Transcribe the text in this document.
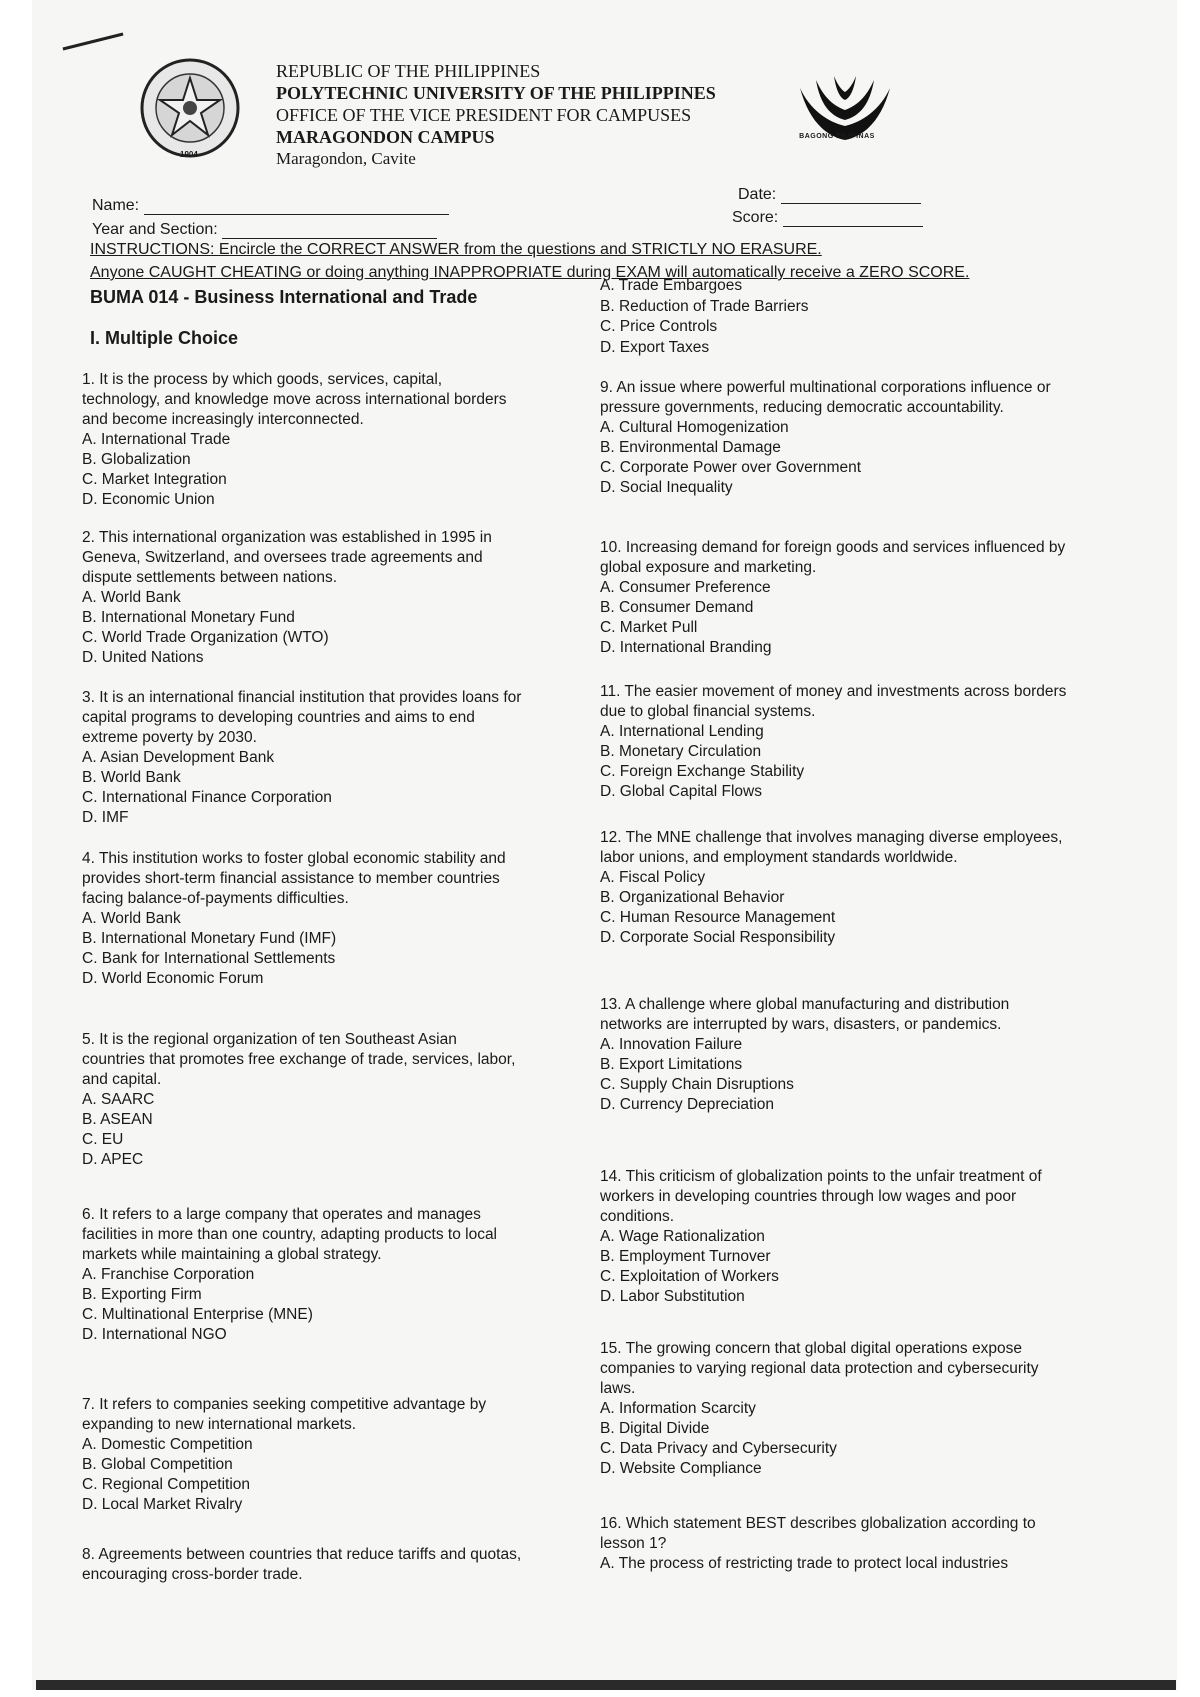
1904
REPUBLIC OF THE PHILIPPINES
POLYTECHNIC UNIVERSITY OF THE PHILIPPINES
OFFICE OF THE VICE PRESIDENT FOR CAMPUSES
MARAGONDON CAMPUS
Maragondon, Cavite
BAGONG PILIPINAS
Name:
Year and Section:
Date:
Score:
INSTRUCTIONS: Encircle the CORRECT ANSWER from the questions and STRICTLY NO ERASURE.
Anyone CAUGHT CHEATING or doing anything INAPPROPRIATE during EXAM will automatically receive a ZERO SCORE.
BUMA 014 - Business International and Trade
I. Multiple Choice
A. Trade Embargoes
B. Reduction of Trade Barriers
C. Price Controls
D. Export Taxes
1. It is the process by which goods, services, capital, technology, and knowledge move across international borders and become increasingly interconnected.
A. International Trade
B. Globalization
C. Market Integration
D. Economic Union
2. This international organization was established in 1995 in Geneva, Switzerland, and oversees trade agreements and dispute settlements between nations.
A. World Bank
B. International Monetary Fund
C. World Trade Organization (WTO)
D. United Nations
3. It is an international financial institution that provides loans for capital programs to developing countries and aims to end extreme poverty by 2030.
A. Asian Development Bank
B. World Bank
C. International Finance Corporation
D. IMF
4. This institution works to foster global economic stability and provides short-term financial assistance to member countries facing balance-of-payments difficulties.
A. World Bank
B. International Monetary Fund (IMF)
C. Bank for International Settlements
D. World Economic Forum
5. It is the regional organization of ten Southeast Asian countries that promotes free exchange of trade, services, labor, and capital.
A. SAARC
B. ASEAN
C. EU
D. APEC
6. It refers to a large company that operates and manages facilities in more than one country, adapting products to local markets while maintaining a global strategy.
A. Franchise Corporation
B. Exporting Firm
C. Multinational Enterprise (MNE)
D. International NGO
7. It refers to companies seeking competitive advantage by expanding to new international markets.
A. Domestic Competition
B. Global Competition
C. Regional Competition
D. Local Market Rivalry
8. Agreements between countries that reduce tariffs and quotas, encouraging cross-border trade.
9. An issue where powerful multinational corporations influence or pressure governments, reducing democratic accountability.
A. Cultural Homogenization
B. Environmental Damage
C. Corporate Power over Government
D. Social Inequality
10. Increasing demand for foreign goods and services influenced by global exposure and marketing.
A. Consumer Preference
B. Consumer Demand
C. Market Pull
D. International Branding
11. The easier movement of money and investments across borders due to global financial systems.
A. International Lending
B. Monetary Circulation
C. Foreign Exchange Stability
D. Global Capital Flows
12. The MNE challenge that involves managing diverse employees, labor unions, and employment standards worldwide.
A. Fiscal Policy
B. Organizational Behavior
C. Human Resource Management
D. Corporate Social Responsibility
13. A challenge where global manufacturing and distribution networks are interrupted by wars, disasters, or pandemics.
A. Innovation Failure
B. Export Limitations
C. Supply Chain Disruptions
D. Currency Depreciation
14. This criticism of globalization points to the unfair treatment of workers in developing countries through low wages and poor conditions.
A. Wage Rationalization
B. Employment Turnover
C. Exploitation of Workers
D. Labor Substitution
15. The growing concern that global digital operations expose companies to varying regional data protection and cybersecurity laws.
A. Information Scarcity
B. Digital Divide
C. Data Privacy and Cybersecurity
D. Website Compliance
16. Which statement BEST describes globalization according to lesson 1?
A. The process of restricting trade to protect local industries
